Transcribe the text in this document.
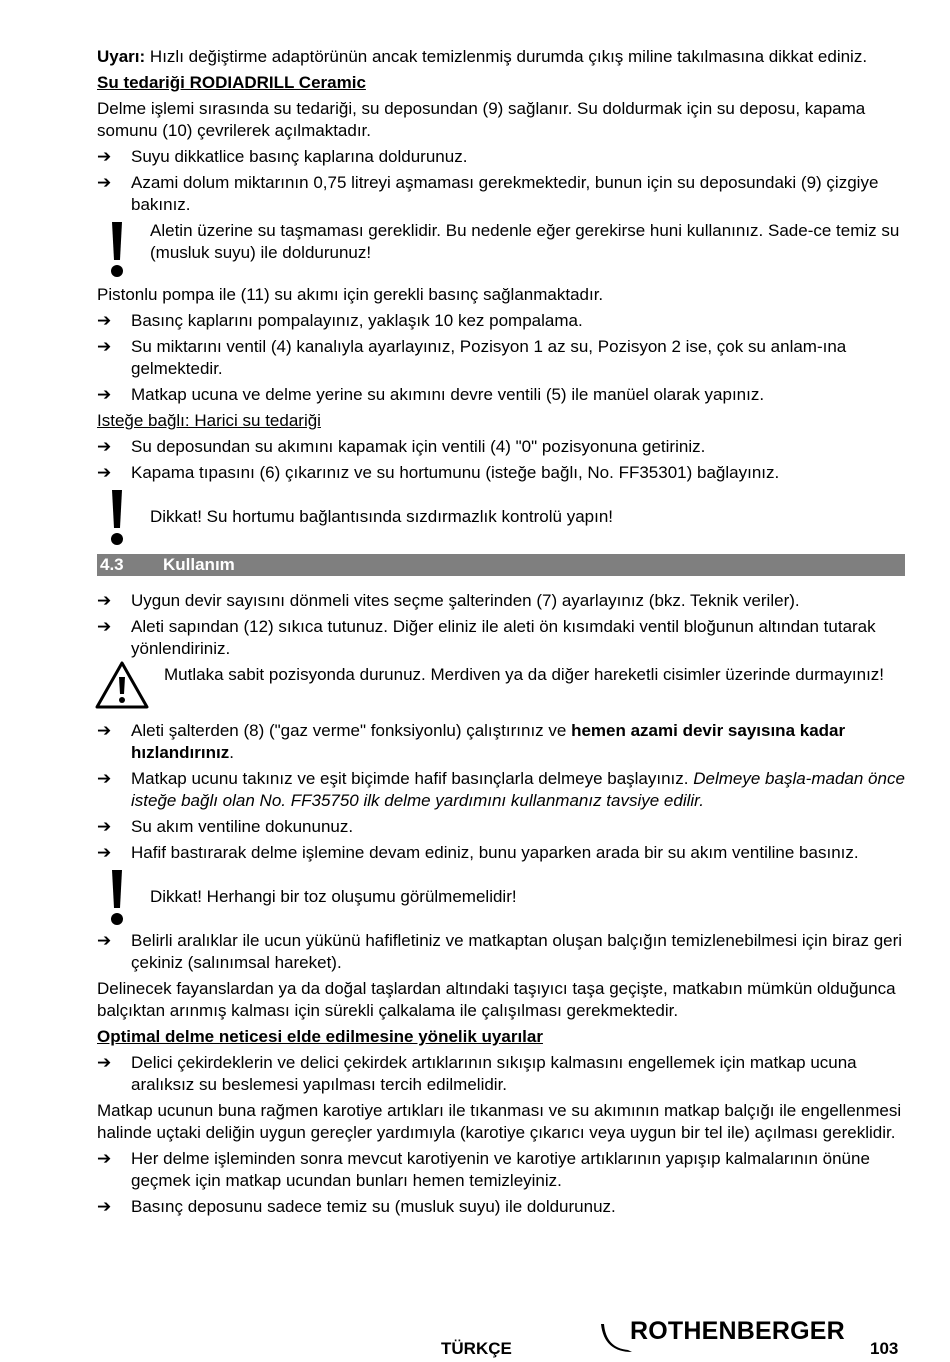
Uyarı: Hızlı değiştirme adaptörünün ancak temizlenmiş durumda çıkış miline takılmasına dikkat ediniz.

Su tedariği RODIADRILL Ceramic

Delme işlemi sırasında su tedariği, su deposundan (9) sağlanır. Su doldurmak için su deposu, kapama somunu (10) çevrilerek açılmaktadır.

➔	Suyu dikkatlice basınç kaplarına doldurunuz.
➔	Azami dolum miktarının 0,75 litreyi aşmaması gerekmektedir, bunun için su deposundaki (9) çizgiye bakınız.
Aletin üzerine su taşmaması gereklidir. Bu nedenle eğer gerekirse huni kullanınız. Sade-ce temiz su (musluk suyu) ile doldurunuz!

Pistonlu pompa ile (11) su akımı için gerekli basınç sağlanmaktadır.

➔	Basınç kaplarını pompalayınız, yaklaşık 10 kez pompalama.
➔	Su miktarını ventil (4) kanalıyla ayarlayınız, Pozisyon 1 az su, Pozisyon 2 ise, çok su anlam-ına gelmektedir.
➔	Matkap ucuna ve delme yerine su akımını devre ventili (5) ile manüel olarak yapınız.

Isteğe bağlı: Harici su tedariği

➔	Su deposundan su akımını kapamak için ventili (4) "0" pozisyonuna getiriniz.
➔	Kapama tıpasını (6) çıkarınız ve su hortumunu (isteğe bağlı, No. FF35301) bağlayınız.
Dikkat! Su hortumu bağlantısında sızdırmazlık kontrolü yapın!
4.3 Kullanım
➔	Uygun devir sayısını dönmeli vites seçme şalterinden (7) ayarlayınız (bkz. Teknik veriler).
➔	Aleti sapından (12) sıkıca tutunuz. Diğer eliniz ile aleti ön kısımdaki ventil bloğunun altından tutarak yönlendiriniz.
Mutlaka sabit pozisyonda durunuz. Merdiven ya da diğer hareketli cisimler üzerinde durmayınız!
➔	Aleti şalterden (8) ("gaz verme" fonksiyonlu) çalıştırınız ve hemen azami devir sayısına kadar hızlandırınız.
➔	Matkap ucunu takınız ve eşit biçimde hafif basınçlarla delmeye başlayınız. Delmeye başla-madan önce isteğe bağlı olan No. FF35750 ilk delme yardımını kullanmanız tavsiye edilir.
➔	Su akım ventiline dokununuz.
➔	Hafif bastırarak delme işlemine devam ediniz, bunu yaparken arada bir su akım ventiline basınız.
Dikkat! Herhangi bir toz oluşumu görülmemelidir!
➔	Belirli aralıklar ile ucun yükünü hafifletiniz ve matkaptan oluşan balçığın temizlenebilmesi için biraz geri çekiniz (salınımsal hareket).

Delinecek fayanslardan ya da doğal taşlardan altındaki taşıyıcı taşa geçişte, matkabın mümkün olduğunca balçıktan arınmış kalması için sürekli çalkalama ile çalışılması gerekmektedir.

Optimal delme neticesi elde edilmesine yönelik uyarılar

➔	Delici çekirdeklerin ve delici çekirdek artıklarının sıkışıp kalmasını engellemek için matkap ucuna aralıksız su beslemesi yapılması tercih edilmelidir.

Matkap ucunun buna rağmen karotiye artıkları ile tıkanması ve su akımının matkap balçığı ile engellenmesi halinde uçtaki deliğin uygun gereçler yardımıyla (karotiye çıkarıcı veya uygun bir tel ile) açılması gereklidir.

➔	Her delme işleminden sonra mevcut karotiyenin ve karotiye artıklarının yapışıp kalmalarının önüne geçmek için matkap ucundan bunları hemen temizleyiniz.
➔	Basınç deposunu sadece temiz su (musluk suyu) ile doldurunuz.
TÜRKÇE
ROTHENBERGER
103
